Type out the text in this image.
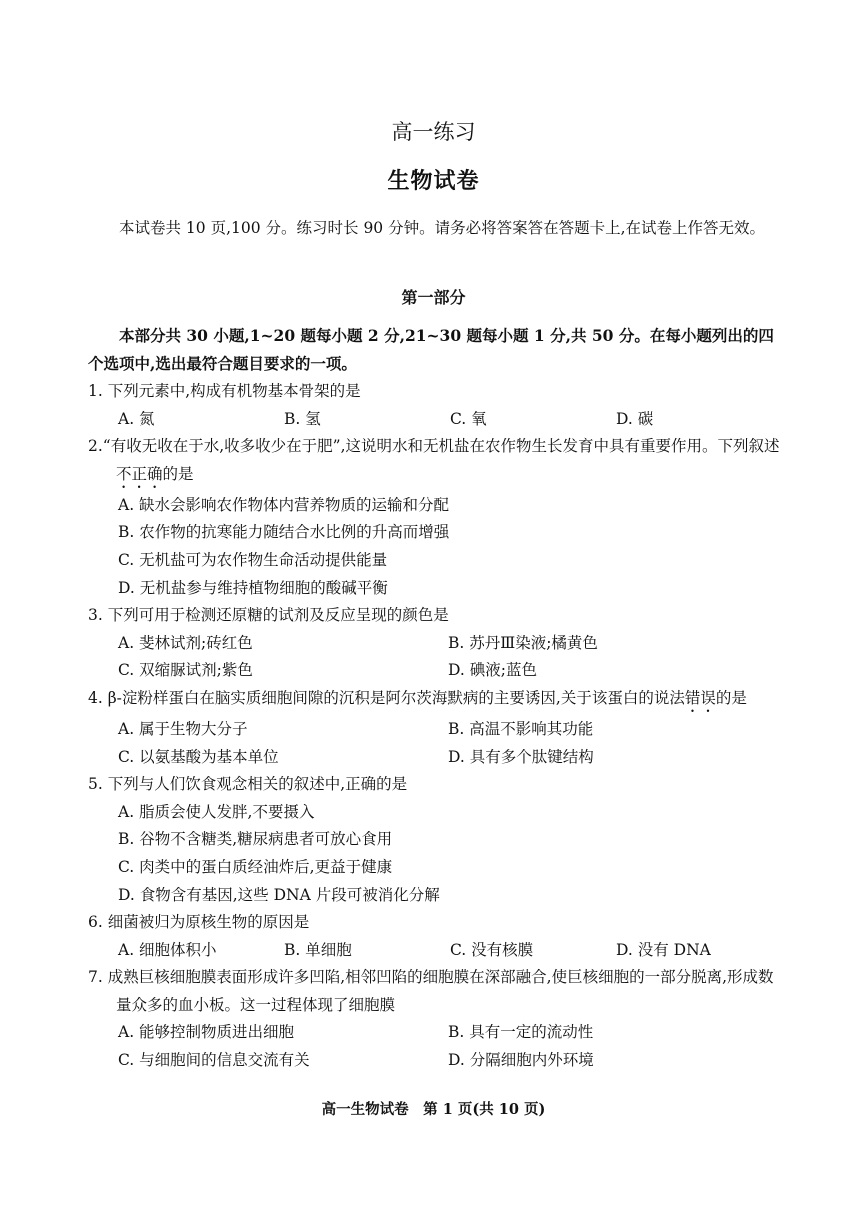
高一练习
生物试卷
本试卷共 10 页,100 分。练习时长 90 分钟。请务必将答案答在答题卡上,在试卷上作答无效。
第一部分
本部分共 30 小题,1~20 题每小题 2 分,21~30 题每小题 1 分,共 50 分。在每小题列出的四个选项中,选出最符合题目要求的一项。
1. 下列元素中,构成有机物基本骨架的是
A. 氮	B. 氢	C. 氧	D. 碳
2.“有收无收在于水,收多收少在于肥”,这说明水和无机盐在农作物生长发育中具有重要作用。下列叙述不正确的是
A. 缺水会影响农作物体内营养物质的运输和分配
B. 农作物的抗寒能力随结合水比例的升高而增强
C. 无机盐可为农作物生命活动提供能量
D. 无机盐参与维持植物细胞的酸碱平衡
3. 下列可用于检测还原糖的试剂及反应呈现的颜色是
A. 斐林试剂;砖红色	B. 苏丹Ⅲ染液;橘黄色
C. 双缩脲试剂;紫色	D. 碘液;蓝色
4. β-淀粉样蛋白在脑实质细胞间隙的沉积是阿尔茨海默病的主要诱因,关于该蛋白的说法错误的是
A. 属于生物大分子	B. 高温不影响其功能
C. 以氨基酸为基本单位	D. 具有多个肽键结构
5. 下列与人们饮食观念相关的叙述中,正确的是
A. 脂质会使人发胖,不要摄入
B. 谷物不含糖类,糖尿病患者可放心食用
C. 肉类中的蛋白质经油炸后,更益于健康
D. 食物含有基因,这些 DNA 片段可被消化分解
6. 细菌被归为原核生物的原因是
A. 细胞体积小	B. 单细胞	C. 没有核膜	D. 没有 DNA
7. 成熟巨核细胞膜表面形成许多凹陷,相邻凹陷的细胞膜在深部融合,使巨核细胞的一部分脱离,形成数量众多的血小板。这一过程体现了细胞膜
A. 能够控制物质进出细胞	B. 具有一定的流动性
C. 与细胞间的信息交流有关	D. 分隔细胞内外环境
高一生物试卷　第 1 页(共 10 页)
